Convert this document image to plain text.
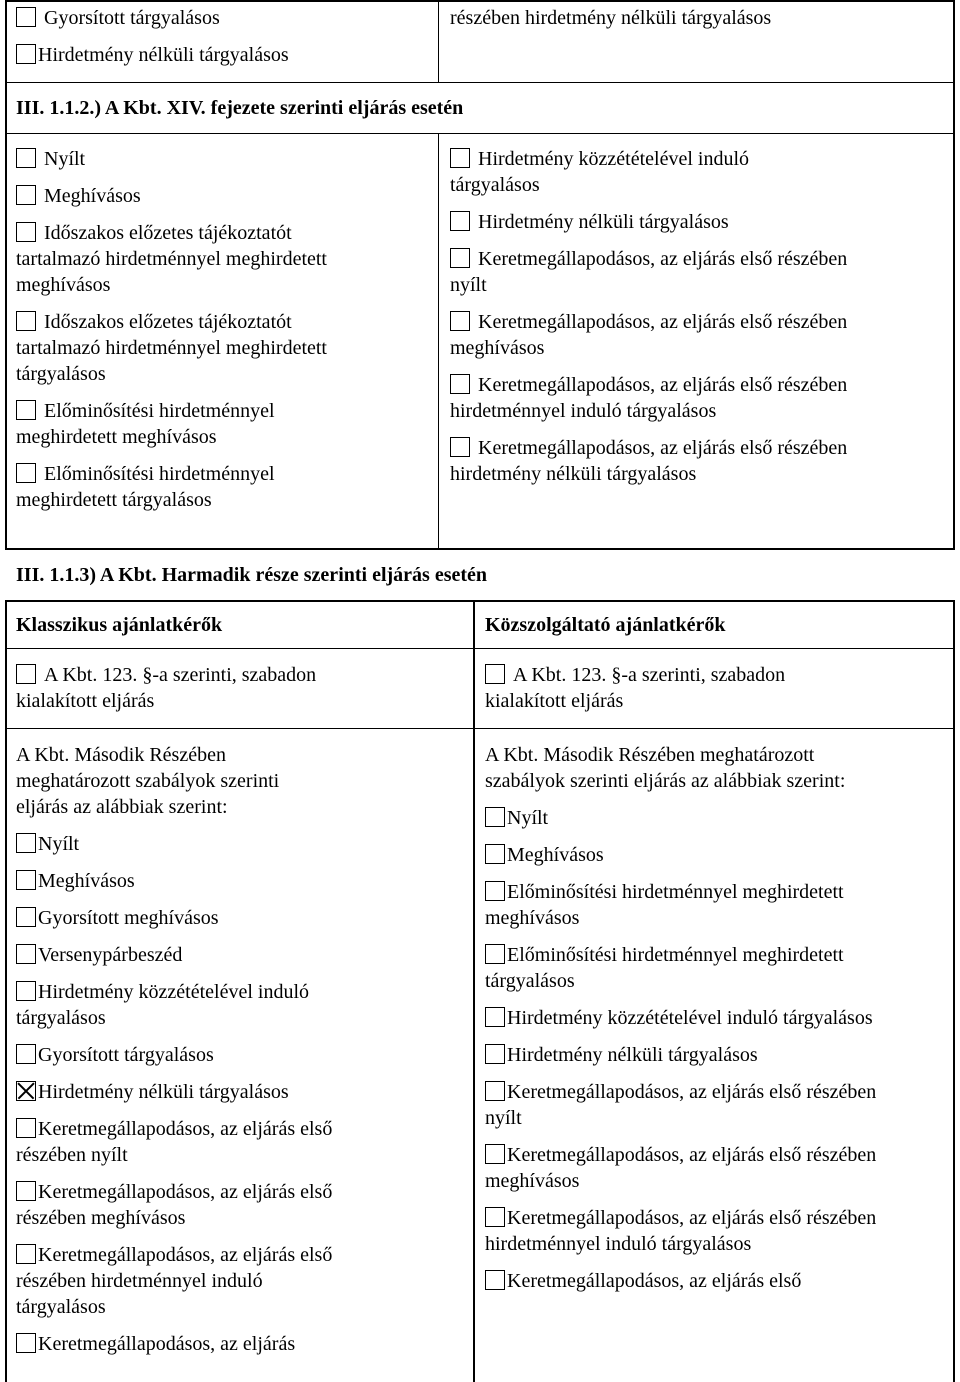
Gyorsított tárgyalásos
Hirdetmény nélküli tárgyalásos
részében hirdetmény nélküli tárgyalásos
III. 1.1.2.) A Kbt. XIV. fejezete szerinti eljárás esetén
Nyílt
Meghívásos
Időszakos előzetes tájékoztatót tartalmazó hirdetménnyel meghirdetett meghívásos
Időszakos előzetes tájékoztatót tartalmazó hirdetménnyel meghirdetett tárgyalásos
Előminősítési hirdetménnyel meghirdetett meghívásos
Előminősítési hirdetménnyel meghirdetett tárgyalásos
Hirdetmény közzétételével induló tárgyalásos
Hirdetmény nélküli tárgyalásos
Keretmegállapodásos, az eljárás első részében nyílt
Keretmegállapodásos, az eljárás első részében meghívásos
Keretmegállapodásos, az eljárás első részében hirdetménnyel induló tárgyalásos
Keretmegállapodásos, az eljárás első részében hirdetmény nélküli tárgyalásos
III. 1.1.3) A Kbt. Harmadik része szerinti eljárás esetén
Klasszikus ajánlatkérők	Közszolgáltató ajánlatkérők
A Kbt. 123. §-a szerinti, szabadon kialakított eljárás
A Kbt. 123. §-a szerinti, szabadon kialakított eljárás
A Kbt. Második Részében meghatározott szabályok szerinti eljárás az alábbiak szerint:
Nyílt
Meghívásos
Gyorsított meghívásos
Versenypárbeszéd
Hirdetmény közzétételével induló tárgyalásos
Gyorsított tárgyalásos
Hirdetmény nélküli tárgyalásos
Keretmegállapodásos, az eljárás első részében nyílt
Keretmegállapodásos, az eljárás első részében meghívásos
Keretmegállapodásos, az eljárás első részében hirdetménnyel induló tárgyalásos
Keretmegállapodásos, az eljárás
A Kbt. Második Részében meghatározott szabályok szerinti eljárás az alábbiak szerint:
Nyílt
Meghívásos
Előminősítési hirdetménnyel meghirdetett meghívásos
Előminősítési hirdetménnyel meghirdetett tárgyalásos
Hirdetmény közzétételével induló tárgyalásos
Hirdetmény nélküli tárgyalásos
Keretmegállapodásos, az eljárás első részében nyílt
Keretmegállapodásos, az eljárás első részében meghívásos
Keretmegállapodásos, az eljárás első részében hirdetménnyel induló tárgyalásos
Keretmegállapodásos, az eljárás első
